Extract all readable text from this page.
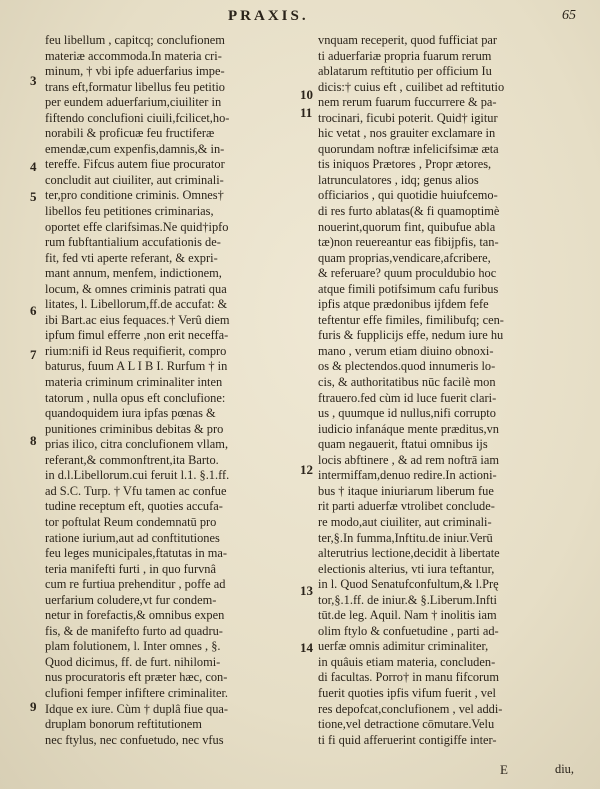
PRAXIS.	65
feu libellum , capitcq; conclufionem
materiæ accommoda.In materia cri-
minum, † vbi ipfe aduerfarius impe-
trans eft,formatur libellus feu petitio
per eundem aduerfarium,ciuiliter in
fiftendo conclufioni ciuili,fcilicet,ho-
norabili & proficuæ feu fructiferæ
emendæ,cum expenfis,damnis,& in-
tereffe. Fifcus autem fiue procurator
concludit aut ciuiliter, aut criminali-
ter,pro conditione criminis. Omnes†
libellos feu petitiones criminarias,
oportet effe clarifsimas.Ne quid†ipfo
rum fubftantialium accufationis de-
fit, fed vti aperte referant, & expri-
mant annum, menfem, indictionem,
locum, & omnes criminis patrati qua
litates, l. Libellorum,ff.de accufat: &
ibi Bart.ac eius fequaces.† Verû diem
ipfum fimul efferre ,non erit neceffa-
rium:nifi id Reus requifierit, compro
baturus, fuum A L I B I. Rurfum † in
materia criminum criminaliter inten
tatorum , nulla opus eft conclufione:
quandoquidem iura ipfas pœnas &
punitiones criminibus debitas & pro
prias ilico, citra conclufionem vllam,
referant,& commonftrent,ita Barto.
in d.l.Libellorum.cui feruit l.1. §.1.ff.
ad S.C. Turp. † Vfu tamen ac confue
tudine receptum eft, quoties accufa-
tor poftulat Reum condemnatū pro
ratione iurium,aut ad conftitutiones
feu leges municipales,ftatutas in ma-
teria manifefti furti , in quo furvnâ
cum re furtiua prehenditur , poffe ad
uerfarium coludere,vt fur condem-
netur in forefactis,& omnibus expen
fis, & de manifefto furto ad quadru-
plam folutionem, l. Inter omnes , §.
Quod dicimus, ff. de furt. nihilomi-
nus procuratoris eft præter hæc, con-
clufioni femper infiftere criminaliter.
Idque ex iure. Cùm † duplâ fiue qua-
druplam bonorum reftitutionem
nec ftylus, nec confuetudo, nec vfus
vnquam receperit, quod fufficiat par
ti aduerfariæ propria fuarum rerum
ablatarum reftitutio per officium Iu
dicis:† cuius eft , cuilibet ad reftitutio
nem rerum fuarum fuccurrere & pa-
trocinari, ficubi poterit. Quid† igitur
hic vetat , nos grauiter exclamare in
quorundam noftræ infelicifsimæ æta
tis iniquos Prætores , Propr ætores,
latrunculatores , idq; genus alios
officiarios , qui quotidie huiufcemo-
di res furto ablatas(& fi quamoptimè
nouerint,quorum fint, quibufue abla
tæ)non reuereantur eas fibijpfis, tan-
quam proprias,vendicare,afcribere,
& referuare? quum proculdubio hoc
atque fimili potifsimum cafu furibus
ipfis atque prædonibus ijfdem fefe
teftentur effe fimiles, fimilibufq; cen-
furis & fupplicijs effe, nedum iure hu
mano , verum etiam diuino obnoxi-
os & plectendos.quod innumeris lo-
cis, & authoritatibus nūc facilè mon
ftrauero.fed cùm id luce fuerit clari-
us , quumque id nullus,nifi corrupto
iudicio infanáque mente præditus,vn
quam negauerit, ftatui omnibus ijs
locis abftinere , & ad rem noftrā iam
intermiffam,denuo redire.In actioni-
bus † itaque iniuriarum liberum fue
rit parti aduerfæ vtrolibet conclude-
re modo,aut ciuiliter, aut criminali-
ter,§.In fumma,Inftitu.de iniur.Verū
alterutrius lectione,decidit à libertate
electionis alterius, vti iura teftantur,
in l. Quod Senatufconfultum,& l.Prę
tor,§.1.ff. de iniur.& §.Liberum.Infti
tūt.de leg. Aquil. Nam † inolitis iam
olim ftylo & confuetudine , parti ad-
uerfæ omnis adimitur criminaliter,
in quâuis etiam materia, concluden-
di facultas. Porro† in manu fifcorum
fuerit quoties ipfis vifum fuerit , vel
res depofcat,conclufionem , vel addi-
tione,vel detractione cōmutare.Velu
ti fi quid afferuerint contigiffe inter-
3
4
5
6
7
8
9
10
11
12
13
14
E	diu,
